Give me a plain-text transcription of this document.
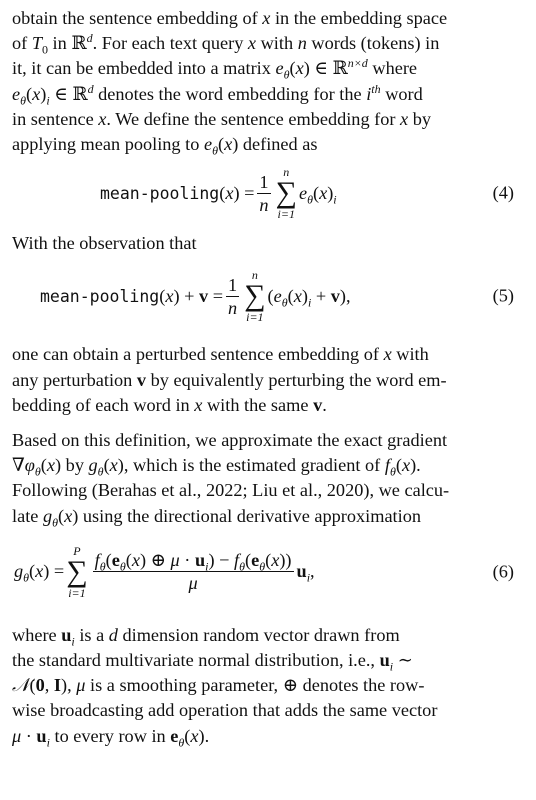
obtain the sentence embedding of x in the embedding space
of $T_0$ in ℝ$^d$. For each text query x with n words (tokens) in
it, it can be embedded into a matrix $e_\theta(x)$ ∈ ℝ$^{n\times d}$ where
$e_\theta(x)_i$ ∈ ℝ$^d$ denotes the word embedding for the $i^{th}$ word
in sentence x. We define the sentence embedding for x by
applying mean pooling to $e_\theta(x)$ defined as

mean-pooling $(x) = \frac{1}{n}$ n
∑
i=1
$e_\theta(x)_i$	(4)

With the observation that

mean-pooling $(x) + v = \frac{1}{n}$ n
∑
i=1
$(e_\theta(x)_i + v)$,	(5)

one can obtain a perturbed sentence embedding of x with
any perturbation v by equivalently perturbing the word em-
bedding of each word in x with the same v.

Based on this definition, we approximate the exact gradient
$\nabla\varphi_\theta(x)$ by $g_\theta(x)$, which is the estimated gradient of $f_\theta(x)$.
Following (Berahas et al., 2022; Liu et al., 2020), we calcu-
late $g_\theta(x)$ using the directional derivative approximation

$g_\theta(x)$ =
P
∑
$i=1 \frac{f_\theta(e_\theta(x) \oplus \mu \cdot u_i) - f_\theta(e_\theta(x))}{\mu} u_i$,	(6)

where $u_i$ is a d dimension random vector drawn from
the standard multivariate normal distribution, i.e., $u_i$ ∼
𝒩(0, I), μ is a smoothing parameter, ⊕ denotes the row-
wise broadcasting add operation that adds the same vector
$\mu \cdot u_i$ to every row in $e_\theta(x)$.
